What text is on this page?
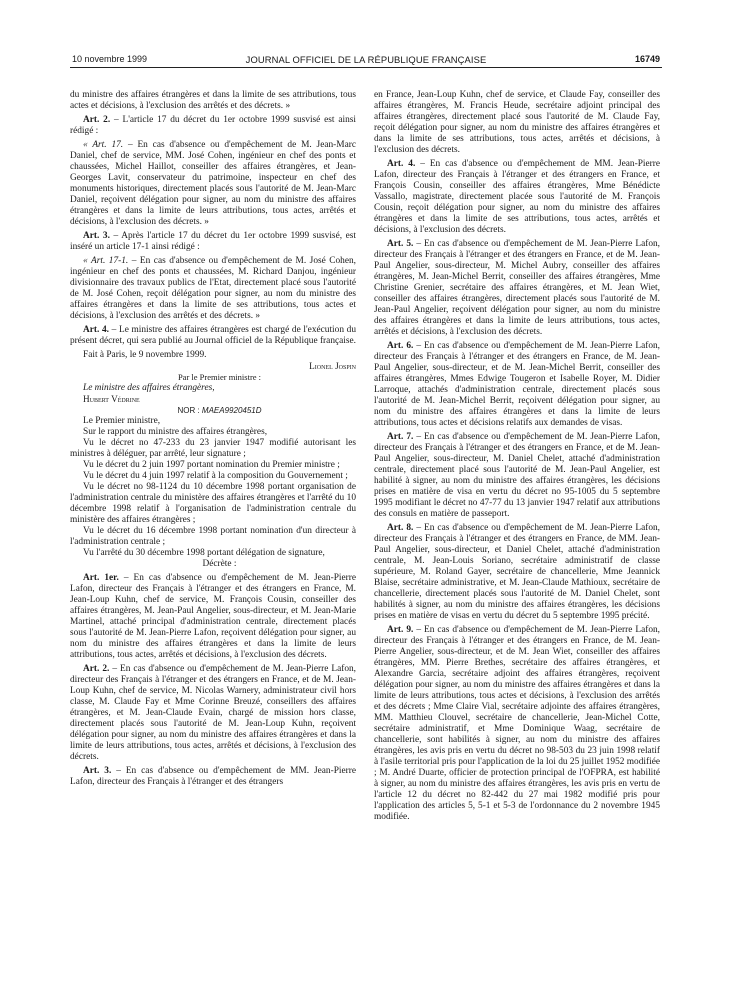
10 novembre 1999	JOURNAL OFFICIEL DE LA RÉPUBLIQUE FRANÇAISE	16749

du ministre des affaires étrangères et dans la limite de ses attributions, tous actes et décisions, à l'exclusion des arrêtés et des décrets. »

Art. 2. – L'article 17 du décret du 1er octobre 1999 susvisé est ainsi rédigé :

« Art. 17. – En cas d'absence ou d'empêchement de M. Jean-Marc Daniel, chef de service, MM. José Cohen, ingénieur en chef des ponts et chaussées, Michel Haillot, conseiller des affaires étrangères, et Jean-Georges Lavit, conservateur du patrimoine, inspecteur en chef des monuments historiques, directement placés sous l'autorité de M. Jean-Marc Daniel, reçoivent délégation pour signer, au nom du ministre des affaires étrangères et dans la limite de leurs attributions, tous actes, arrêtés et décisions, à l'exclusion des décrets. »

Art. 3. – Après l'article 17 du décret du 1er octobre 1999 susvisé, est inséré un article 17-1 ainsi rédigé :

« Art. 17-1. – En cas d'absence ou d'empêchement de M. José Cohen, ingénieur en chef des ponts et chaussées, M. Richard Danjou, ingénieur divisionnaire des travaux publics de l'Etat, directement placé sous l'autorité de M. José Cohen, reçoit délégation pour signer, au nom du ministre des affaires étrangères et dans la limite de ses attributions, tous actes et décisions, à l'exclusion des arrêtés et des décrets. »

Art. 4. – Le ministre des affaires étrangères est chargé de l'exécution du présent décret, qui sera publié au Journal officiel de la République française.

Fait à Paris, le 9 novembre 1999.

Lionel Jospin

Par le Premier ministre :

Le ministre des affaires étrangères,

Hubert Védrine

NOR : MAEA9920451D

Le Premier ministre,

Sur le rapport du ministre des affaires étrangères,

Vu le décret no 47-233 du 23 janvier 1947 modifié autorisant les ministres à déléguer, par arrêté, leur signature ;

Vu le décret du 2 juin 1997 portant nomination du Premier ministre ;

Vu le décret du 4 juin 1997 relatif à la composition du Gouvernement ;

Vu le décret no 98-1124 du 10 décembre 1998 portant organisation de l'administration centrale du ministère des affaires étrangères et l'arrêté du 10 décembre 1998 relatif à l'organisation de l'administration centrale du ministère des affaires étrangères ;

Vu le décret du 16 décembre 1998 portant nomination d'un directeur à l'administration centrale ;

Vu l'arrêté du 30 décembre 1998 portant délégation de signature,

Décrète :

Art. 1er. – En cas d'absence ou d'empêchement de M. Jean-Pierre Lafon, directeur des Français à l'étranger et des étrangers en France, M. Jean-Loup Kuhn, chef de service, M. François Cousin, conseiller des affaires étrangères, M. Jean-Paul Angelier, sous-directeur, et M. Jean-Marie Martinel, attaché principal d'administration centrale, directement placés sous l'autorité de M. Jean-Pierre Lafon, reçoivent délégation pour signer, au nom du ministre des affaires étrangères et dans la limite de leurs attributions, tous actes, arrêtés et décisions, à l'exclusion des décrets.

Art. 2. – En cas d'absence ou d'empêchement de M. Jean-Pierre Lafon, directeur des Français à l'étranger et des étrangers en France, et de M. Jean-Loup Kuhn, chef de service, M. Nicolas Warnery, administrateur civil hors classe, M. Claude Fay et Mme Corinne Breuzé, conseillers des affaires étrangères, et M. Jean-Claude Evain, chargé de mission hors classe, directement placés sous l'autorité de M. Jean-Loup Kuhn, reçoivent délégation pour signer, au nom du ministre des affaires étrangères et dans la limite de leurs attributions, tous actes, arrêtés et décisions, à l'exclusion des décrets.

Art. 3. – En cas d'absence ou d'empêchement de MM. Jean-Pierre Lafon, directeur des Français à l'étranger et des étrangers

en France, Jean-Loup Kuhn, chef de service, et Claude Fay, conseiller des affaires étrangères, M. Francis Heude, secrétaire adjoint principal des affaires étrangères, directement placé sous l'autorité de M. Claude Fay, reçoit délégation pour signer, au nom du ministre des affaires étrangères et dans la limite de ses attributions, tous actes, arrêtés et décisions, à l'exclusion des décrets.

Art. 4. – En cas d'absence ou d'empêchement de MM. Jean-Pierre Lafon, directeur des Français à l'étranger et des étrangers en France, et François Cousin, conseiller des affaires étrangères, Mme Bénédicte Vassallo, magistrate, directement placée sous l'autorité de M. François Cousin, reçoit délégation pour signer, au nom du ministre des affaires étrangères et dans la limite de ses attributions, tous actes, arrêtés et décisions, à l'exclusion des décrets.

Art. 5. – En cas d'absence ou d'empêchement de M. Jean-Pierre Lafon, directeur des Français à l'étranger et des étrangers en France, et de M. Jean-Paul Angelier, sous-directeur, M. Michel Aubry, conseiller des affaires étrangères, M. Jean-Michel Berrit, conseiller des affaires étrangères, Mme Christine Grenier, secrétaire des affaires étrangères, et M. Jean Wiet, conseiller des affaires étrangères, directement placés sous l'autorité de M. Jean-Paul Angelier, reçoivent délégation pour signer, au nom du ministre des affaires étrangères et dans la limite de leurs attributions, tous actes, arrêtés et décisions, à l'exclusion des décrets.

Art. 6. – En cas d'absence ou d'empêchement de M. Jean-Pierre Lafon, directeur des Français à l'étranger et des étrangers en France, de M. Jean-Paul Angelier, sous-directeur, et de M. Jean-Michel Berrit, conseiller des affaires étrangères, Mmes Edwige Tougeron et Isabelle Royer, M. Didier Larroque, attachés d'administration centrale, directement placés sous l'autorité de M. Jean-Michel Berrit, reçoivent délégation pour signer, au nom du ministre des affaires étrangères et dans la limite de leurs attributions, tous actes et décisions relatifs aux demandes de visas.

Art. 7. – En cas d'absence ou d'empêchement de M. Jean-Pierre Lafon, directeur des Français à l'étranger et des étrangers en France, et de M. Jean-Paul Angelier, sous-directeur, M. Daniel Chelet, attaché d'administration centrale, directement placé sous l'autorité de M. Jean-Paul Angelier, est habilité à signer, au nom du ministre des affaires étrangères, les décisions prises en matière de visa en vertu du décret no 95-1005 du 5 septembre 1995 modifiant le décret no 47-77 du 13 janvier 1947 relatif aux attributions des consuls en matière de passeport.

Art. 8. – En cas d'absence ou d'empêchement de M. Jean-Pierre Lafon, directeur des Français à l'étranger et des étrangers en France, de MM. Jean-Paul Angelier, sous-directeur, et Daniel Chelet, attaché d'administration centrale, M. Jean-Louis Soriano, secrétaire administratif de classe supérieure, M. Roland Gayer, secrétaire de chancellerie, Mme Jeannick Blaise, secrétaire administrative, et M. Jean-Claude Mathioux, secrétaire de chancellerie, directement placés sous l'autorité de M. Daniel Chelet, sont habilités à signer, au nom du ministre des affaires étrangères, les décisions prises en matière de visas en vertu du décret du 5 septembre 1995 précité.

Art. 9. – En cas d'absence ou d'empêchement de M. Jean-Pierre Lafon, directeur des Français à l'étranger et des étrangers en France, de M. Jean-Pierre Angelier, sous-directeur, et de M. Jean Wiet, conseiller des affaires étrangères, MM. Pierre Brethes, secrétaire des affaires étrangères, et Alexandre Garcia, secrétaire adjoint des affaires étrangères, reçoivent délégation pour signer, au nom du ministre des affaires étrangères et dans la limite de leurs attributions, tous actes et décisions, à l'exclusion des arrêtés et des décrets ; Mme Claire Vial, secrétaire adjointe des affaires étrangères, MM. Matthieu Clouvel, secrétaire de chancellerie, Jean-Michel Cotte, secrétaire administratif, et Mme Dominique Waag, secrétaire de chancellerie, sont habilités à signer, au nom du ministre des affaires étrangères, les avis pris en vertu du décret no 98-503 du 23 juin 1998 relatif à l'asile territorial pris pour l'application de la loi du 25 juillet 1952 modifiée ; M. André Duarte, officier de protection principal de l'OFPRA, est habilité à signer, au nom du ministre des affaires étrangères, les avis pris en vertu de l'article 12 du décret no 82-442 du 27 mai 1982 modifié pris pour l'application des articles 5, 5-1 et 5-3 de l'ordonnance du 2 novembre 1945 modifiée.
